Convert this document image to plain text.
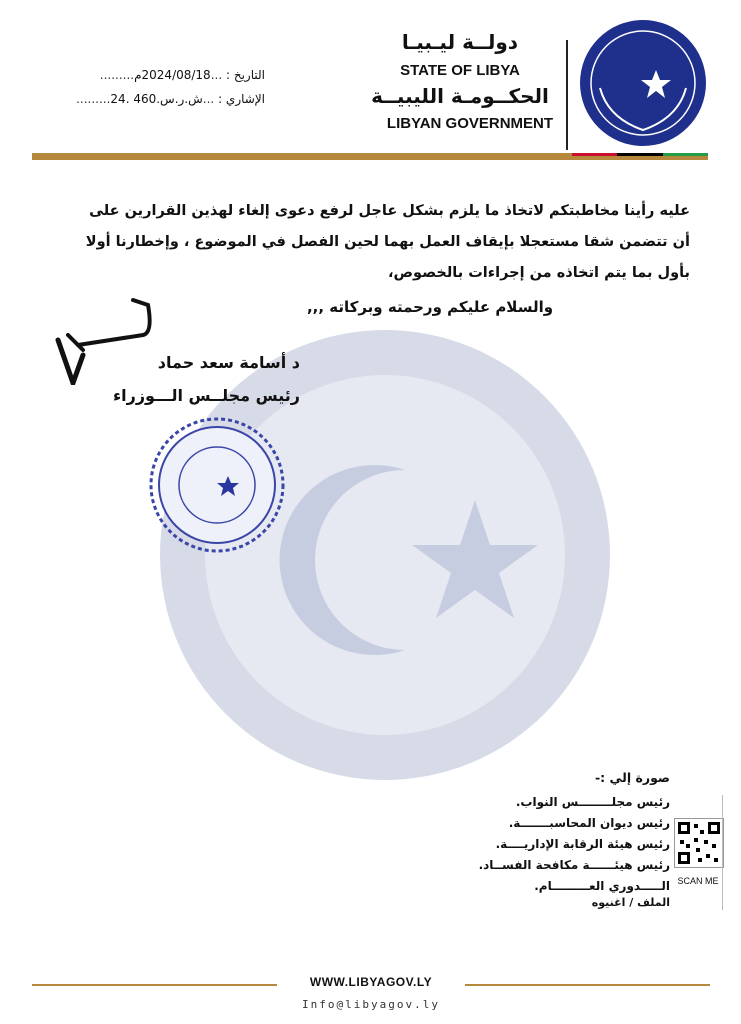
دولــة ليـبيـا
STATE OF LIBYA
الحكــومـة الليبيــة
LIBYAN GOVERNMENT
التاريخ : ...2024/08/18م.........
الإشاري : ...ش.ر.س.460 .24.........
عليه رأينا مخاطبتكم لاتخاذ ما يلزم بشكل عاجل لرفع دعوى إلغاء لهذين القرارين على أن تتضمن شقا مستعجلا بإيقاف العمل بهما لحين الفصل في الموضوع ، وإخطارنا أولا بأول بما يتم اتخاذه من إجراءات بالخصوص،
والسلام عليكم ورحمته وبركاته ,,,
د أسامة سعد حماد
رئيس مجلــس الـــوزراء
صورة إلي :-
رئيس مجلــــــــس النواب.
رئيس ديوان المحاسبـــــــة.
رئيس هيئة الرقابة الإداريــــة.
رئيس هيئــــــة مكافحة الفســاد.
الـــــدوري العـــــــــام.
الملف / اغنيوه
SCAN ME
WWW.LIBYAGOV.LY
Info@libyagov.ly
